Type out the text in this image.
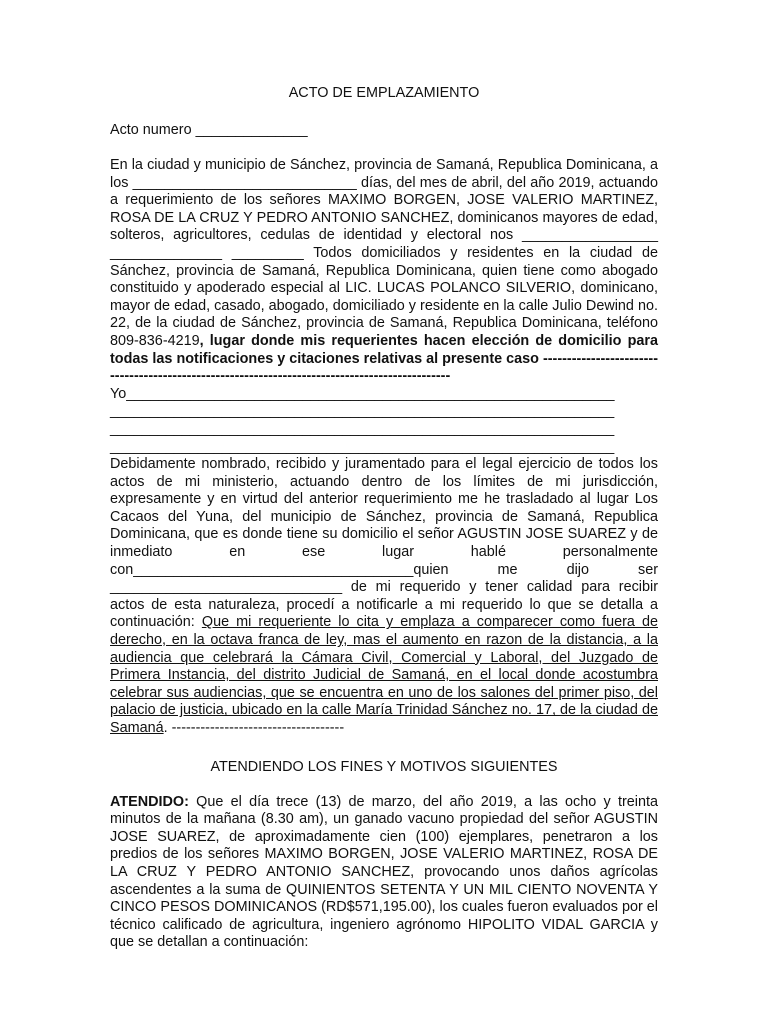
ACTO DE EMPLAZAMIENTO

Acto numero ______________

En la ciudad y municipio de Sánchez, provincia de Samaná, Republica Dominicana, a los ____________________________ días, del mes de abril, del año 2019, actuando a requerimiento de los señores MAXIMO BORGEN, JOSE VALERIO MARTINEZ, ROSA DE LA CRUZ Y PEDRO ANTONIO SANCHEZ, dominicanos mayores de edad, solteros, agricultores, cedulas de identidad y electoral nos _________________ ______________ _________ Todos domiciliados y residentes en la ciudad de Sánchez, provincia de Samaná, Republica Dominicana, quien tiene como abogado constituido y apoderado especial al LIC. LUCAS POLANCO SILVERIO, dominicano, mayor de edad, casado, abogado, domiciliado y residente en la calle Julio Dewind no. 22, de la ciudad de Sánchez, provincia de Samaná, Republica Dominicana, teléfono 809-836-4219, lugar donde mis requerientes hacen elección de domicilio para todas las notificaciones y citaciones relativas al presente caso -----------------------------------------------------------------------------------------------Yo_____________________________________________________________ _______________________________________________________________ _______________________________________________________________ _______________________________________________________________ Debidamente nombrado, recibido y juramentado para el legal ejercicio de todos los actos de mi ministerio, actuando dentro de los límites de mi jurisdicción, expresamente y en virtud del anterior requerimiento me he trasladado al lugar Los Cacaos del Yuna, del municipio de Sánchez, provincia de Samaná, Republica Dominicana, que es donde tiene su domicilio el señor AGUSTIN JOSE SUAREZ y de inmediato en ese lugar hablé personalmente con___________________________________quien me dijo ser _____________________________ de mi requerido y tener calidad para recibir actos de esta naturaleza, procedí a notificarle a mi requerido lo que se detalla a continuación: Que mi requeriente lo cita y emplaza a comparecer como fuera de derecho, en la octava franca de ley, mas el aumento en razon de la distancia, a la audiencia que celebrará la Cámara Civil, Comercial y Laboral, del Juzgado de Primera Instancia, del distrito Judicial de Samaná, en el local donde acostumbra celebrar sus audiencias, que se encuentra en uno de los salones del primer piso, del palacio de justicia, ubicado en la calle María Trinidad Sánchez no. 17, de la ciudad de Samaná. ------------------------------------

ATENDIENDO LOS FINES Y MOTIVOS SIGUIENTES

ATENDIDO: Que el día trece (13) de marzo, del año 2019, a las ocho y treinta minutos de la mañana (8.30 am), un ganado vacuno propiedad del señor AGUSTIN JOSE SUAREZ, de aproximadamente cien (100) ejemplares, penetraron a los predios de los señores MAXIMO BORGEN, JOSE VALERIO MARTINEZ, ROSA DE LA CRUZ Y PEDRO ANTONIO SANCHEZ, provocando unos daños agrícolas ascendentes a la suma de QUINIENTOS SETENTA Y UN MIL CIENTO NOVENTA Y CINCO PESOS DOMINICANOS (RD$571,195.00), los cuales fueron evaluados por el técnico calificado de agricultura, ingeniero agrónomo HIPOLITO VIDAL GARCIA y que se detallan a continuación:
